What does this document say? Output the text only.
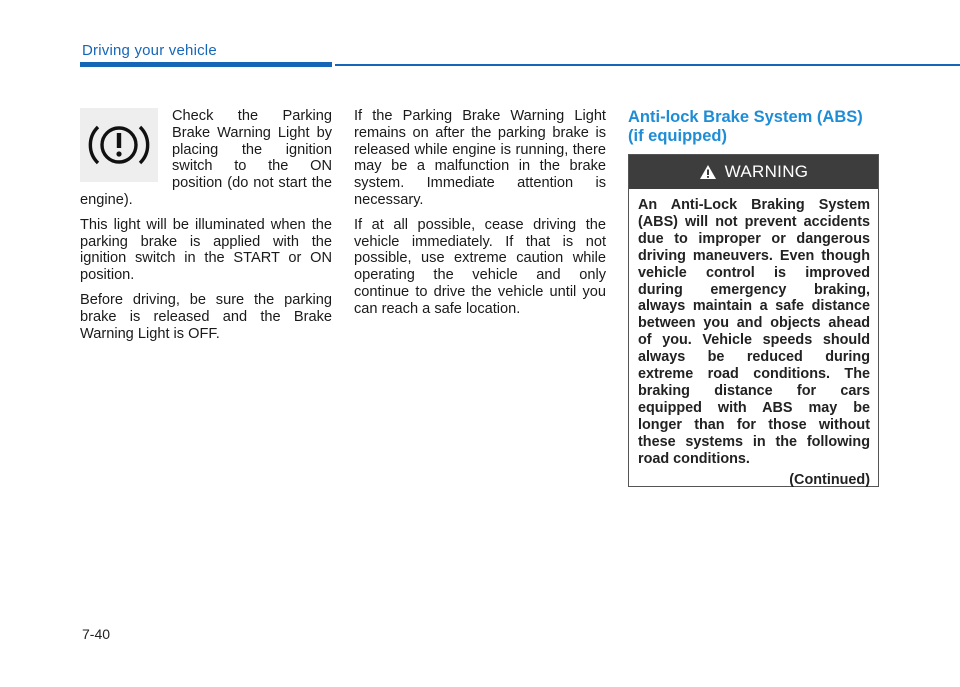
Driving your vehicle

Check the Parking Brake Warning Light by placing the ignition switch to the ON position (do not start the engine).

This light will be illuminated when the parking brake is applied with the ignition switch in the START or ON position.

Before driving, be sure the parking brake is released and the Brake Warning Light is OFF.

If the Parking Brake Warning Light remains on after the parking brake is released while engine is running, there may be a malfunction in the brake system. Immediate attention is necessary.

If at all possible, cease driving the vehicle immediately. If that is not possible, use extreme caution while operating the vehicle and only continue to drive the vehicle until you can reach a safe location.

Anti-lock Brake System (ABS) (if equipped)
WARNING
An Anti-Lock Braking System (ABS) will not prevent accidents due to improper or dangerous driving maneuvers. Even though vehicle control is improved during emergency braking, always maintain a safe distance between you and objects ahead of you. Vehicle speeds should always be reduced during extreme road conditions. The braking distance for cars equipped with ABS may be longer than for those without these systems in the following road conditions.
(Continued)
7-40
